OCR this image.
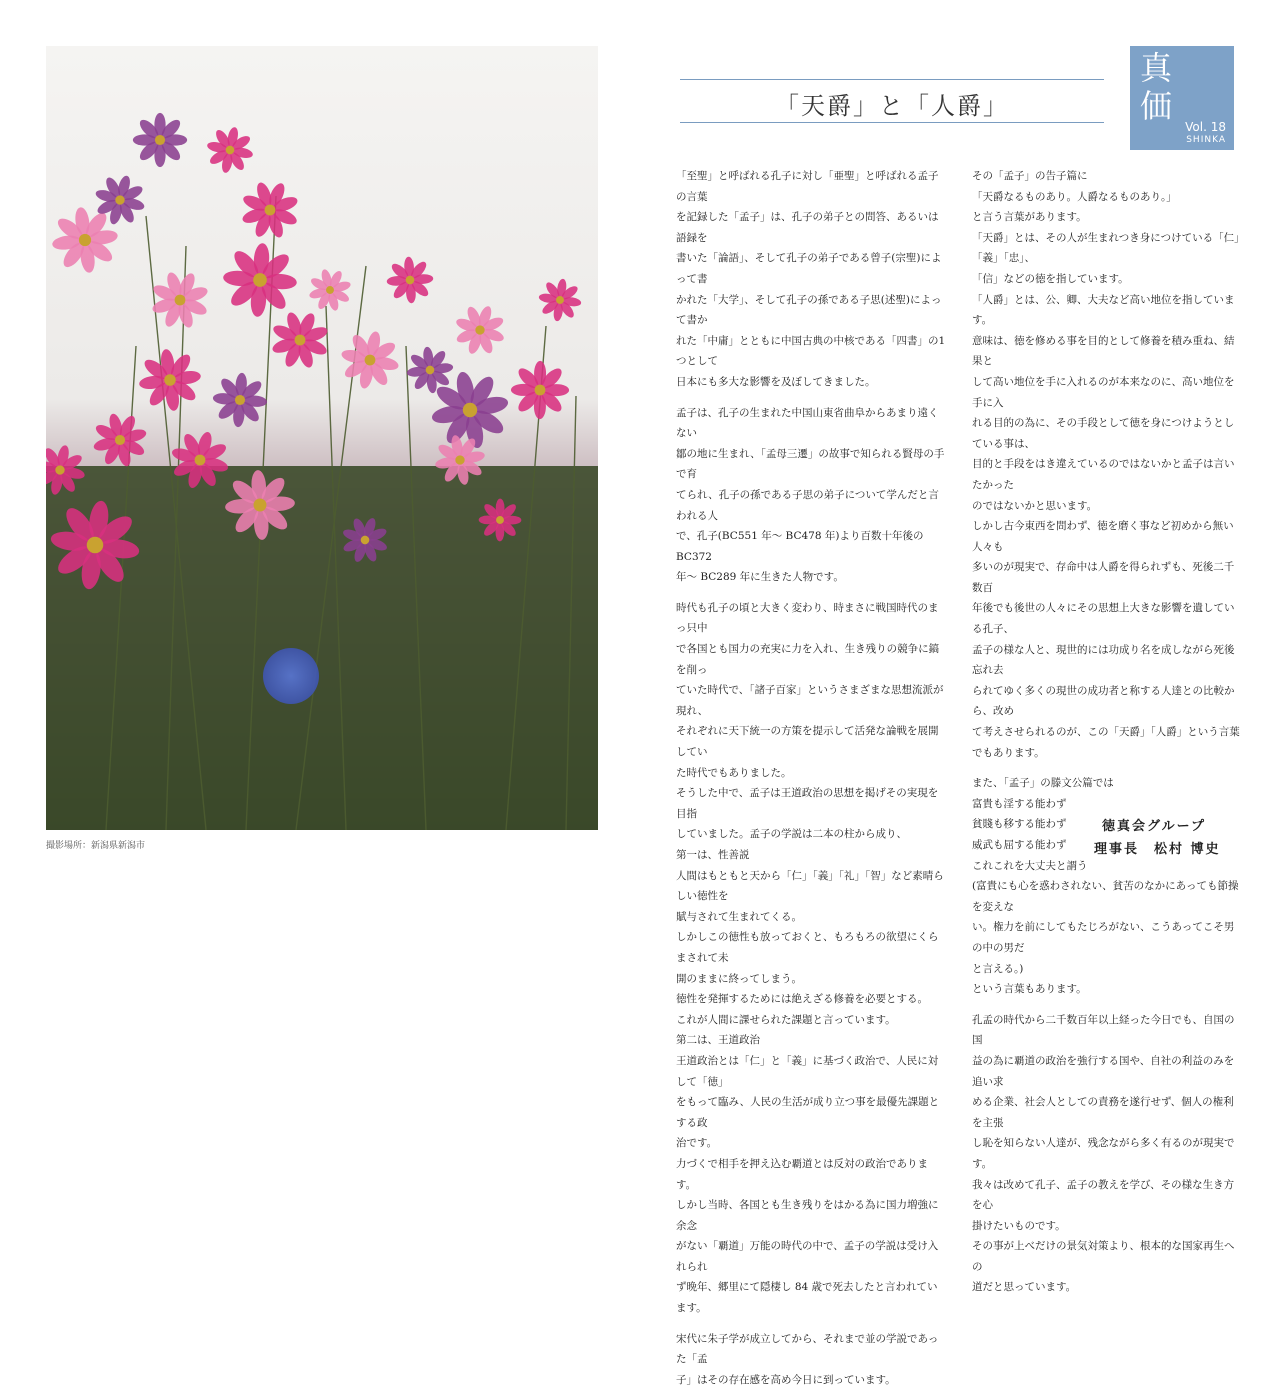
撮影場所：新潟県新潟市
「天爵」と「人爵」
真
価
Vol. 18
SHINKA

「至聖」と呼ばれる孔子に対し「亜聖」と呼ばれる孟子の言葉

を記録した「孟子」は、孔子の弟子との問答、あるいは語録を

書いた「論語」、そして孔子の弟子である曾子(宗聖)によって書

かれた「大学」、そして孔子の孫である子思(述聖)によって書か

れた「中庸」とともに中国古典の中核である「四書」の1つとして

日本にも多大な影響を及ぼしてきました。

孟子は、孔子の生まれた中国山東省曲阜からあまり遠くない

鄒の地に生まれ、「孟母三遷」の故事で知られる賢母の手で育

てられ、孔子の孫である子思の弟子について学んだと言われる人

で、孔子(BC551 年～ BC478 年)より百数十年後の BC372

年～ BC289 年に生きた人物です。

時代も孔子の頃と大きく変わり、時まさに戦国時代のまっ只中

で各国とも国力の充実に力を入れ、生き残りの競争に鎬を削っ

ていた時代で、「諸子百家」というさまざまな思想流派が現れ、

それぞれに天下統一の方策を提示して活発な論戦を展開してい

た時代でもありました。

そうした中で、孟子は王道政治の思想を掲げその実現を目指

していました。孟子の学説は二本の柱から成り、

第一は、性善説

人間はもともと天から「仁」「義」「礼」「智」など素晴らしい徳性を

賦与されて生まれてくる。

しかしこの徳性も放っておくと、もろもろの欲望にくらまされて未

開のままに終ってしまう。

徳性を発揮するためには絶えざる修養を必要とする。

これが人間に課せられた課題と言っています。

第二は、王道政治

王道政治とは「仁」と「義」に基づく政治で、人民に対して「徳」

をもって臨み、人民の生活が成り立つ事を最優先課題とする政

治です。

力づくで相手を押え込む覇道とは反対の政治であります。

しかし当時、各国とも生き残りをはかる為に国力増強に余念

がない「覇道」万能の時代の中で、孟子の学説は受け入れられ

ず晩年、郷里にて隠棲し 84 歳で死去したと言われています。

宋代に朱子学が成立してから、それまで並の学説であった「孟

子」はその存在感を高め今日に到っています。

その「孟子」の告子篇に

「天爵なるものあり。人爵なるものあり。」

と言う言葉があります。

「天爵」とは、その人が生まれつき身につけている「仁」「義」「忠」、

「信」などの徳を指しています。

「人爵」とは、公、卿、大夫など高い地位を指しています。

意味は、徳を修める事を目的として修養を積み重ね、結果と

して高い地位を手に入れるのが本来なのに、高い地位を手に入

れる目的の為に、その手段として徳を身につけようとしている事は、

目的と手段をはき違えているのではないかと孟子は言いたかった

のではないかと思います。

しかし古今東西を問わず、徳を磨く事など初めから無い人々も

多いのが現実で、存命中は人爵を得られずも、死後二千数百

年後でも後世の人々にその思想上大きな影響を遺している孔子、

孟子の様な人と、現世的には功成り名を成しながら死後忘れ去

られてゆく多くの現世の成功者と称する人達との比較から、改め

て考えさせられるのが、この「天爵」「人爵」という言葉でもあります。

また、「孟子」の滕文公篇では

富貴も淫する能わず

貧賤も移する能わず

威武も屈する能わず

これこれを大丈夫と謂う

(富貴にも心を惑わされない、貧苦のなかにあっても節操を変えな

い。権力を前にしてもたじろがない、こうあってこそ男の中の男だ

と言える。)

という言葉もあります。

孔孟の時代から二千数百年以上経った今日でも、自国の国

益の為に覇道の政治を強行する国や、自社の利益のみを追い求

める企業、社会人としての責務を遂行せず、個人の権利を主張

し恥を知らない人達が、残念ながら多く有るのが現実です。

我々は改めて孔子、孟子の教えを学び、その様な生き方を心

掛けたいものです。

その事が上べだけの景気対策より、根本的な国家再生への

道だと思っています。

徳真会グループ
理事長　松村 博史
